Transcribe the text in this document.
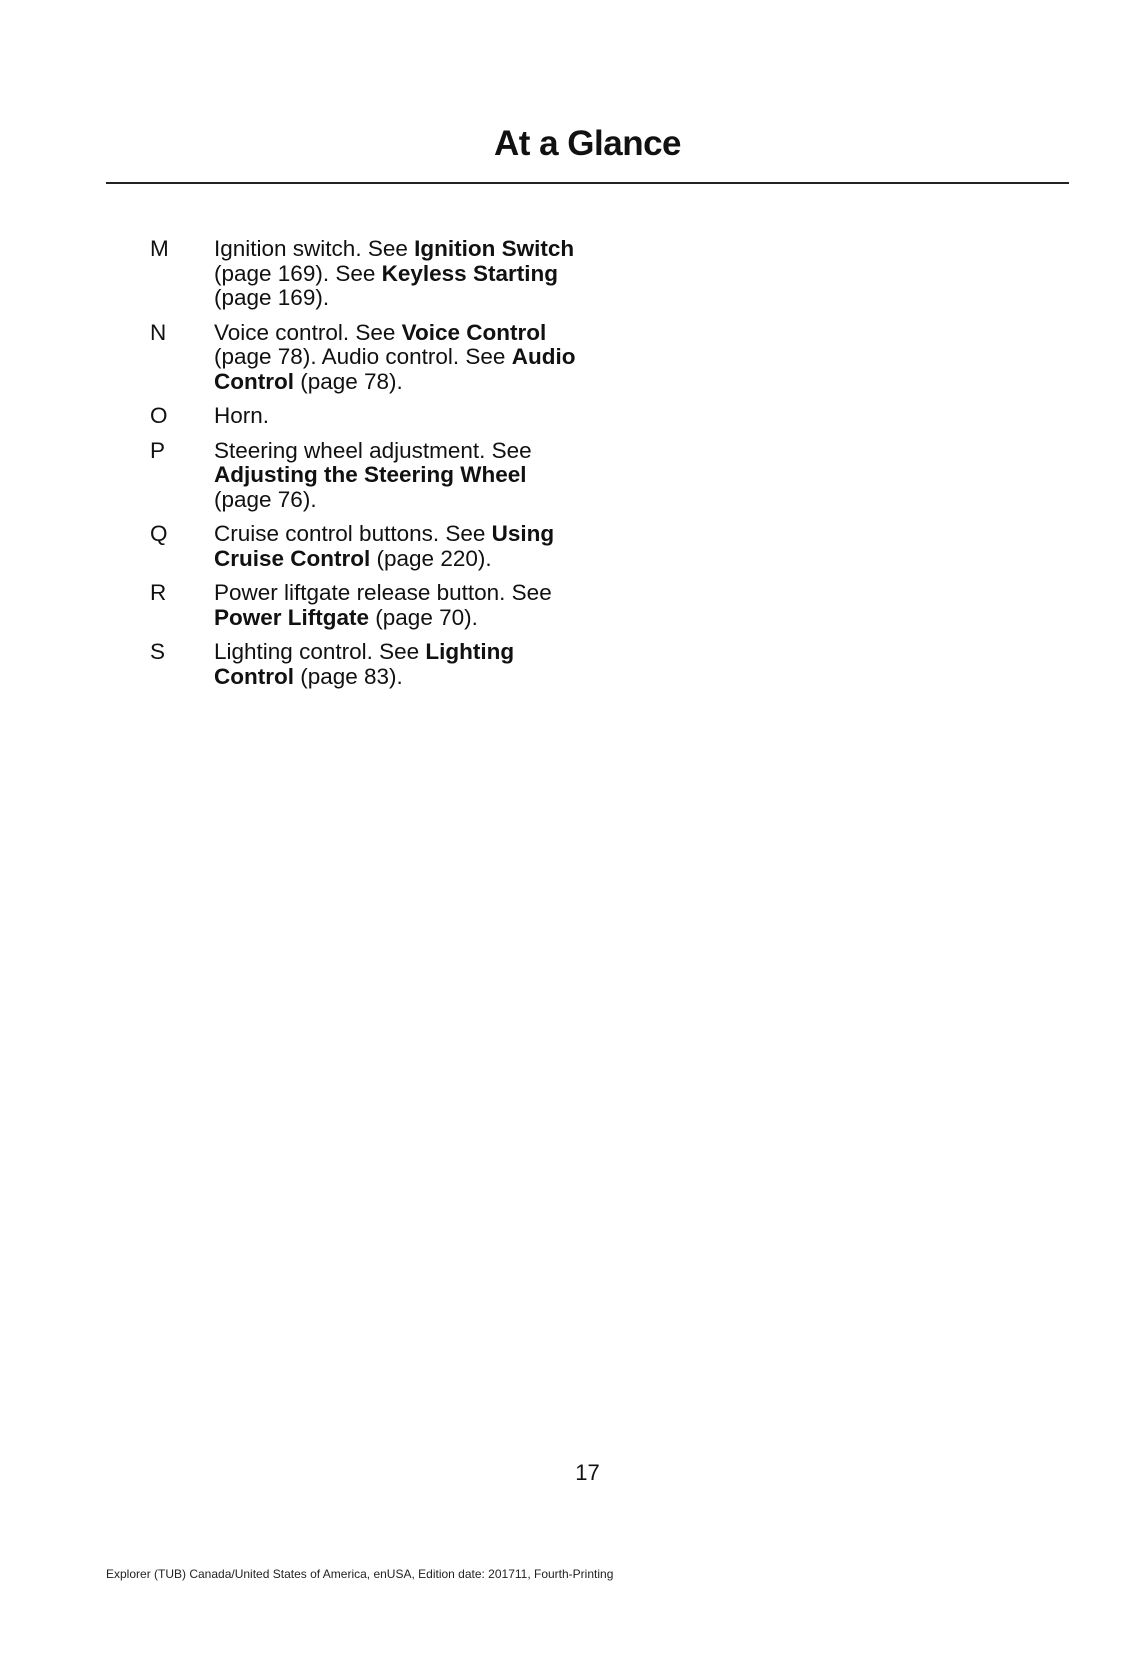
At a Glance
M	Ignition switch. See Ignition Switch (page 169). See Keyless Starting (page 169).
N	Voice control. See Voice Control (page 78). Audio control. See Audio Control (page 78).
O	Horn.
P	Steering wheel adjustment. See Adjusting the Steering Wheel (page 76).
Q	Cruise control buttons. See Using Cruise Control (page 220).
R	Power liftgate release button. See Power Liftgate (page 70).
S	Lighting control. See Lighting Control (page 83).
17
Explorer (TUB) Canada/United States of America, enUSA, Edition date: 201711, Fourth-Printing
